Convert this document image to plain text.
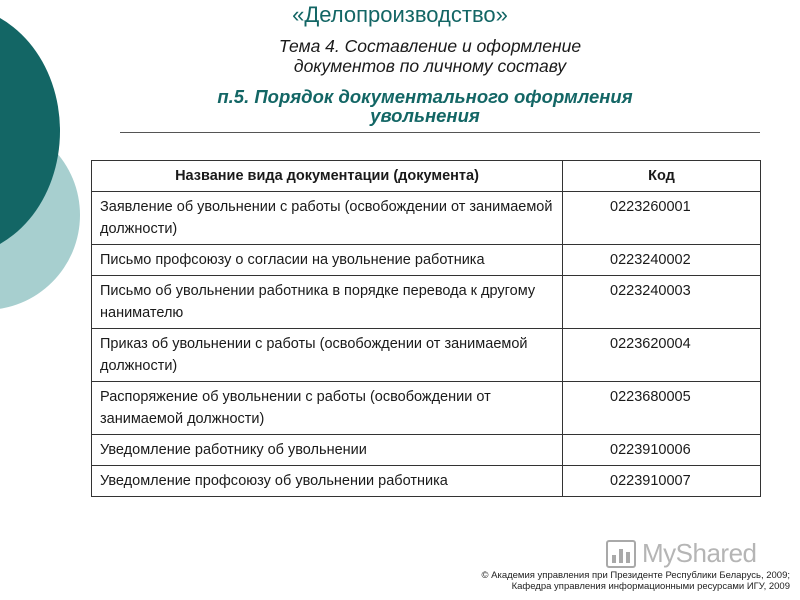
«Делопроизводство»
Тема 4. Составление и оформление
документов по личному составу
п.5. Порядок документального оформления
увольнения
Название вида документации (документа)	Код
Заявление об увольнении с работы (освобождении от занимаемой должности)	0223260001
Письмо профсоюзу о согласии на увольнение работника	0223240002
Письмо об увольнении работника в порядке перевода к другому нанимателю	0223240003
Приказ об увольнении с работы (освобождении от занимаемой должности)	0223620004
Распоряжение об увольнении с работы (освобождении от занимаемой должности)	0223680005
Уведомление работнику об увольнении	0223910006
Уведомление профсоюзу об увольнении работника	0223910007
MyShared
© Академия управления при Президенте Республики Беларусь, 2009;
Кафедра управления информационными ресурсами ИГУ, 2009
